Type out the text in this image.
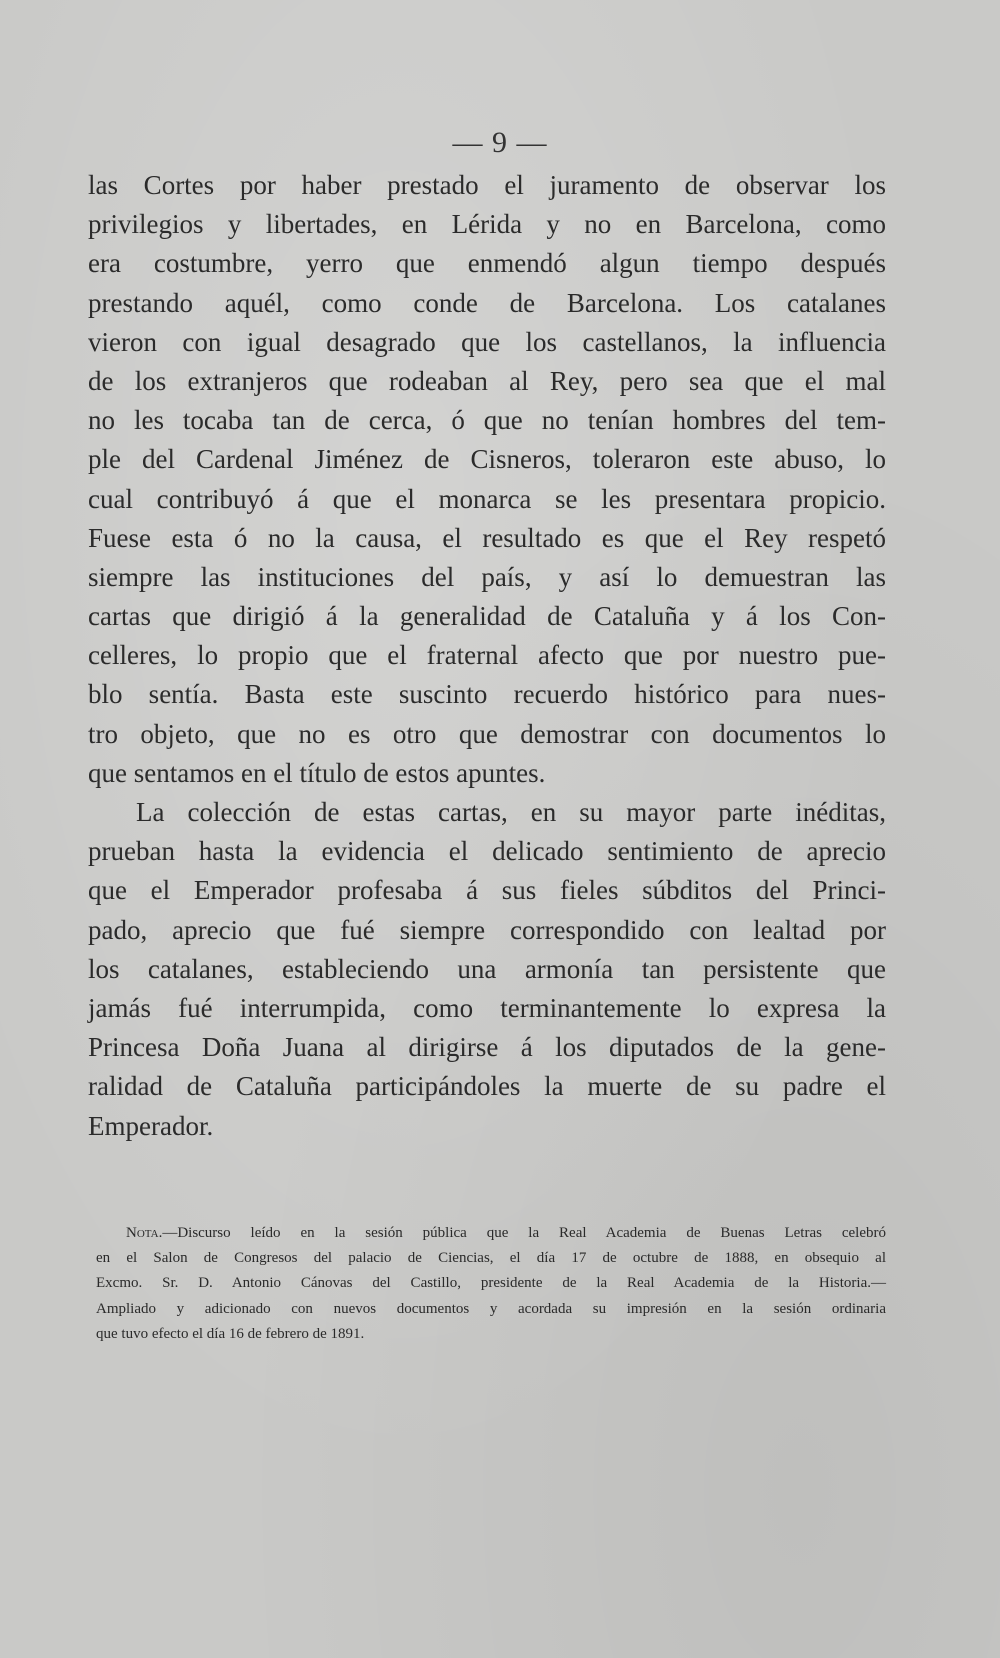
— 9 —
las Cortes por haber prestado el juramento de observar los
privilegios y libertades, en Lérida y no en Barcelona, como
era costumbre, yerro que enmendó algun tiempo después
prestando aquél, como conde de Barcelona. Los catalanes
vieron con igual desagrado que los castellanos, la influencia
de los extranjeros que rodeaban al Rey, pero sea que el mal
no les tocaba tan de cerca, ó que no tenían hombres del tem-
ple del Cardenal Jiménez de Cisneros, toleraron este abuso, lo
cual contribuyó á que el monarca se les presentara propicio.
Fuese esta ó no la causa, el resultado es que el Rey respetó
siempre las instituciones del país, y así lo demuestran las
cartas que dirigió á la generalidad de Cataluña y á los Con-
celleres, lo propio que el fraternal afecto que por nuestro pue-
blo sentía. Basta este suscinto recuerdo histórico para nues-
tro objeto, que no es otro que demostrar con documentos lo
que sentamos en el título de estos apuntes.
La colección de estas cartas, en su mayor parte inéditas,
prueban hasta la evidencia el delicado sentimiento de aprecio
que el Emperador profesaba á sus fieles súbditos del Princi-
pado, aprecio que fué siempre correspondido con lealtad por
los catalanes, estableciendo una armonía tan persistente que
jamás fué interrumpida, como terminantemente lo expresa la
Princesa Doña Juana al dirigirse á los diputados de la gene-
ralidad de Cataluña participándoles la muerte de su padre el
Emperador.
Nota.—Discurso leído en la sesión pública que la Real Academia de Buenas Letras celebró
en el Salon de Congresos del palacio de Ciencias, el día 17 de octubre de 1888, en obsequio al
Excmo. Sr. D. Antonio Cánovas del Castillo, presidente de la Real Academia de la Historia.—
Ampliado y adicionado con nuevos documentos y acordada su impresión en la sesión ordinaria
que tuvo efecto el día 16 de febrero de 1891.
